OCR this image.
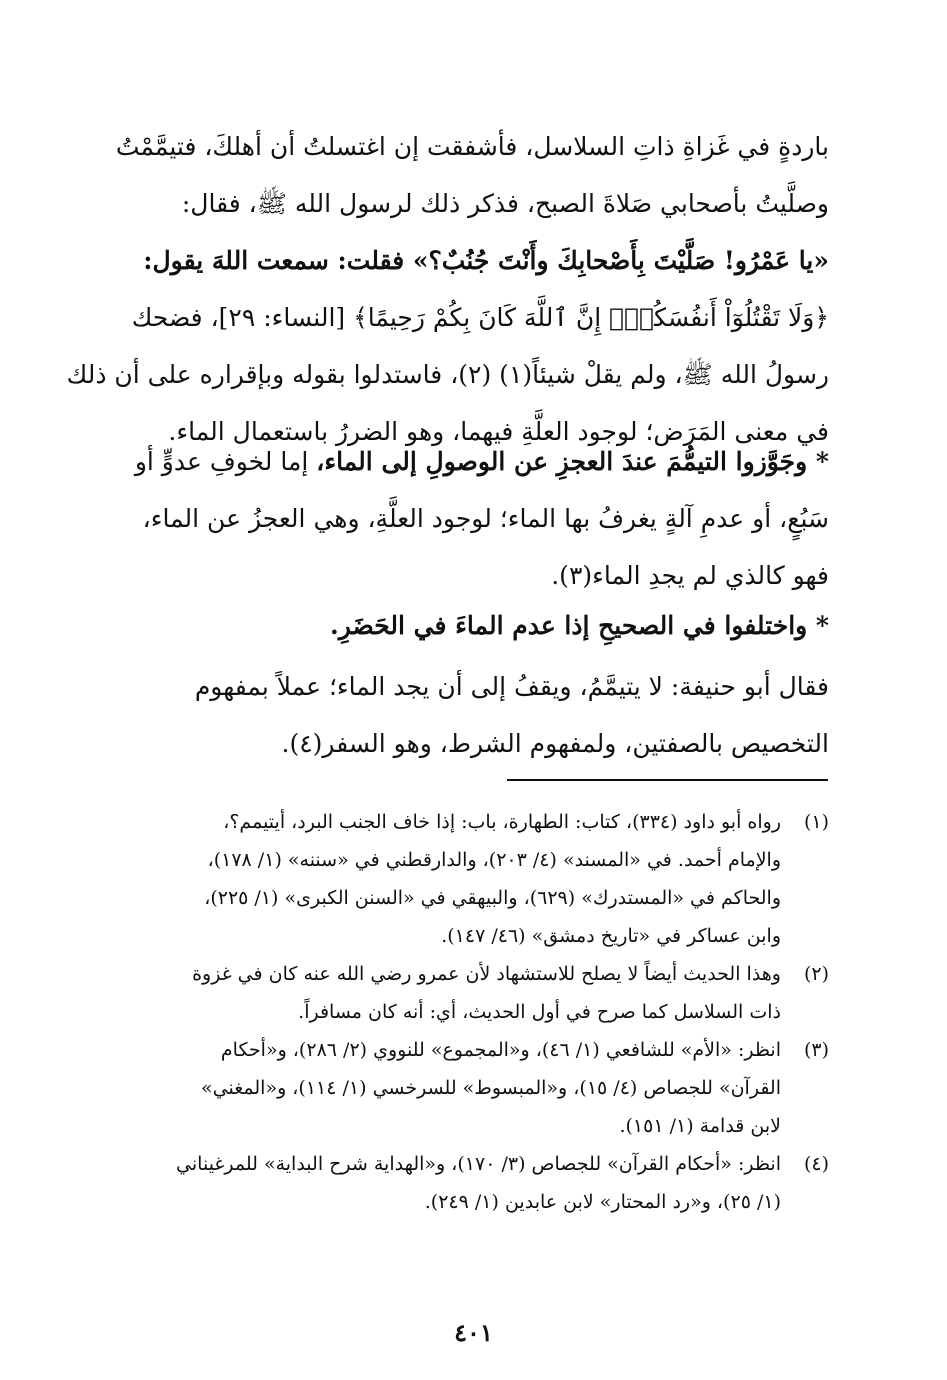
باردةٍ في غَزاةِ ذاتِ السلاسل، فأشفقت إن اغتسلتُ أن أهلكَ، فتيمَّمْتُ
وصلَّيتُ بأصحابي صَلاةَ الصبح، فذكر ذلك لرسول الله ﷺ، فقال:
«يا عَمْرُو! صَلَّيْتَ بِأَصْحابِكَ وأَنْتَ جُنُبٌ؟» فقلت: سمعت اللهَ يقول:
﴿وَلَا تَقْتُلُوٓاْ أَنفُسَكُمْۚ إِنَّ ٱللَّهَ كَانَ بِكُمْ رَحِيمًا﴾ [النساء: ٢٩]، فضحك
رسولُ الله ﷺ، ولم يقلْ شيئاً(١) (٢)، فاستدلوا بقوله وبإقراره على أن ذلك
في معنى المَرَض؛ لوجود العلَّةِ فيهما، وهو الضررُ باستعمال الماء.
* وجَوَّزوا التيمُّمَ عندَ العجزِ عن الوصولِ إلى الماء، إما لخوفِ عدوٍّ أو
سَبُعٍ، أو عدمِ آلةٍ يغرفُ بها الماء؛ لوجود العلَّةِ، وهي العجزُ عن الماء،
فهو كالذي لم يجدِ الماء(٣).
* واختلفوا في الصحيحِ إذا عدم الماءَ في الحَضَرِ.
فقال أبو حنيفة: لا يتيمَّمُ، ويقفُ إلى أن يجد الماء؛ عملاً بمفهوم
التخصيص بالصفتين، ولمفهوم الشرط، وهو السفر(٤).
(١)
رواه أبو داود (٣٣٤)، كتاب: الطهارة، باب: إذا خاف الجنب البرد، أيتيمم؟،
والإمام أحمد. في «المسند» (٤/ ٢٠٣)، والدارقطني في «سننه» (١/ ١٧٨)،
والحاكم في «المستدرك» (٦٢٩)، والبيهقي في «السنن الكبرى» (١/ ٢٢٥)،
وابن عساكر في «تاريخ دمشق» (٤٦/ ١٤٧).
(٢)
وهذا الحديث أيضاً لا يصلح للاستشهاد لأن عمرو رضي الله عنه كان في غزوة
ذات السلاسل كما صرح في أول الحديث، أي: أنه كان مسافراً.
(٣)
انظر: «الأم» للشافعي (١/ ٤٦)، و«المجموع» للنووي (٢/ ٢٨٦)، و«أحكام
القرآن» للجصاص (٤/ ١٥)، و«المبسوط» للسرخسي (١/ ١١٤)، و«المغني»
لابن قدامة (١/ ١٥١).
(٤)
انظر: «أحكام القرآن» للجصاص (٣/ ١٧٠)، و«الهداية شرح البداية» للمرغيناني
(١/ ٢٥)، و«رد المحتار» لابن عابدين (١/ ٢٤٩).
٤٠١
